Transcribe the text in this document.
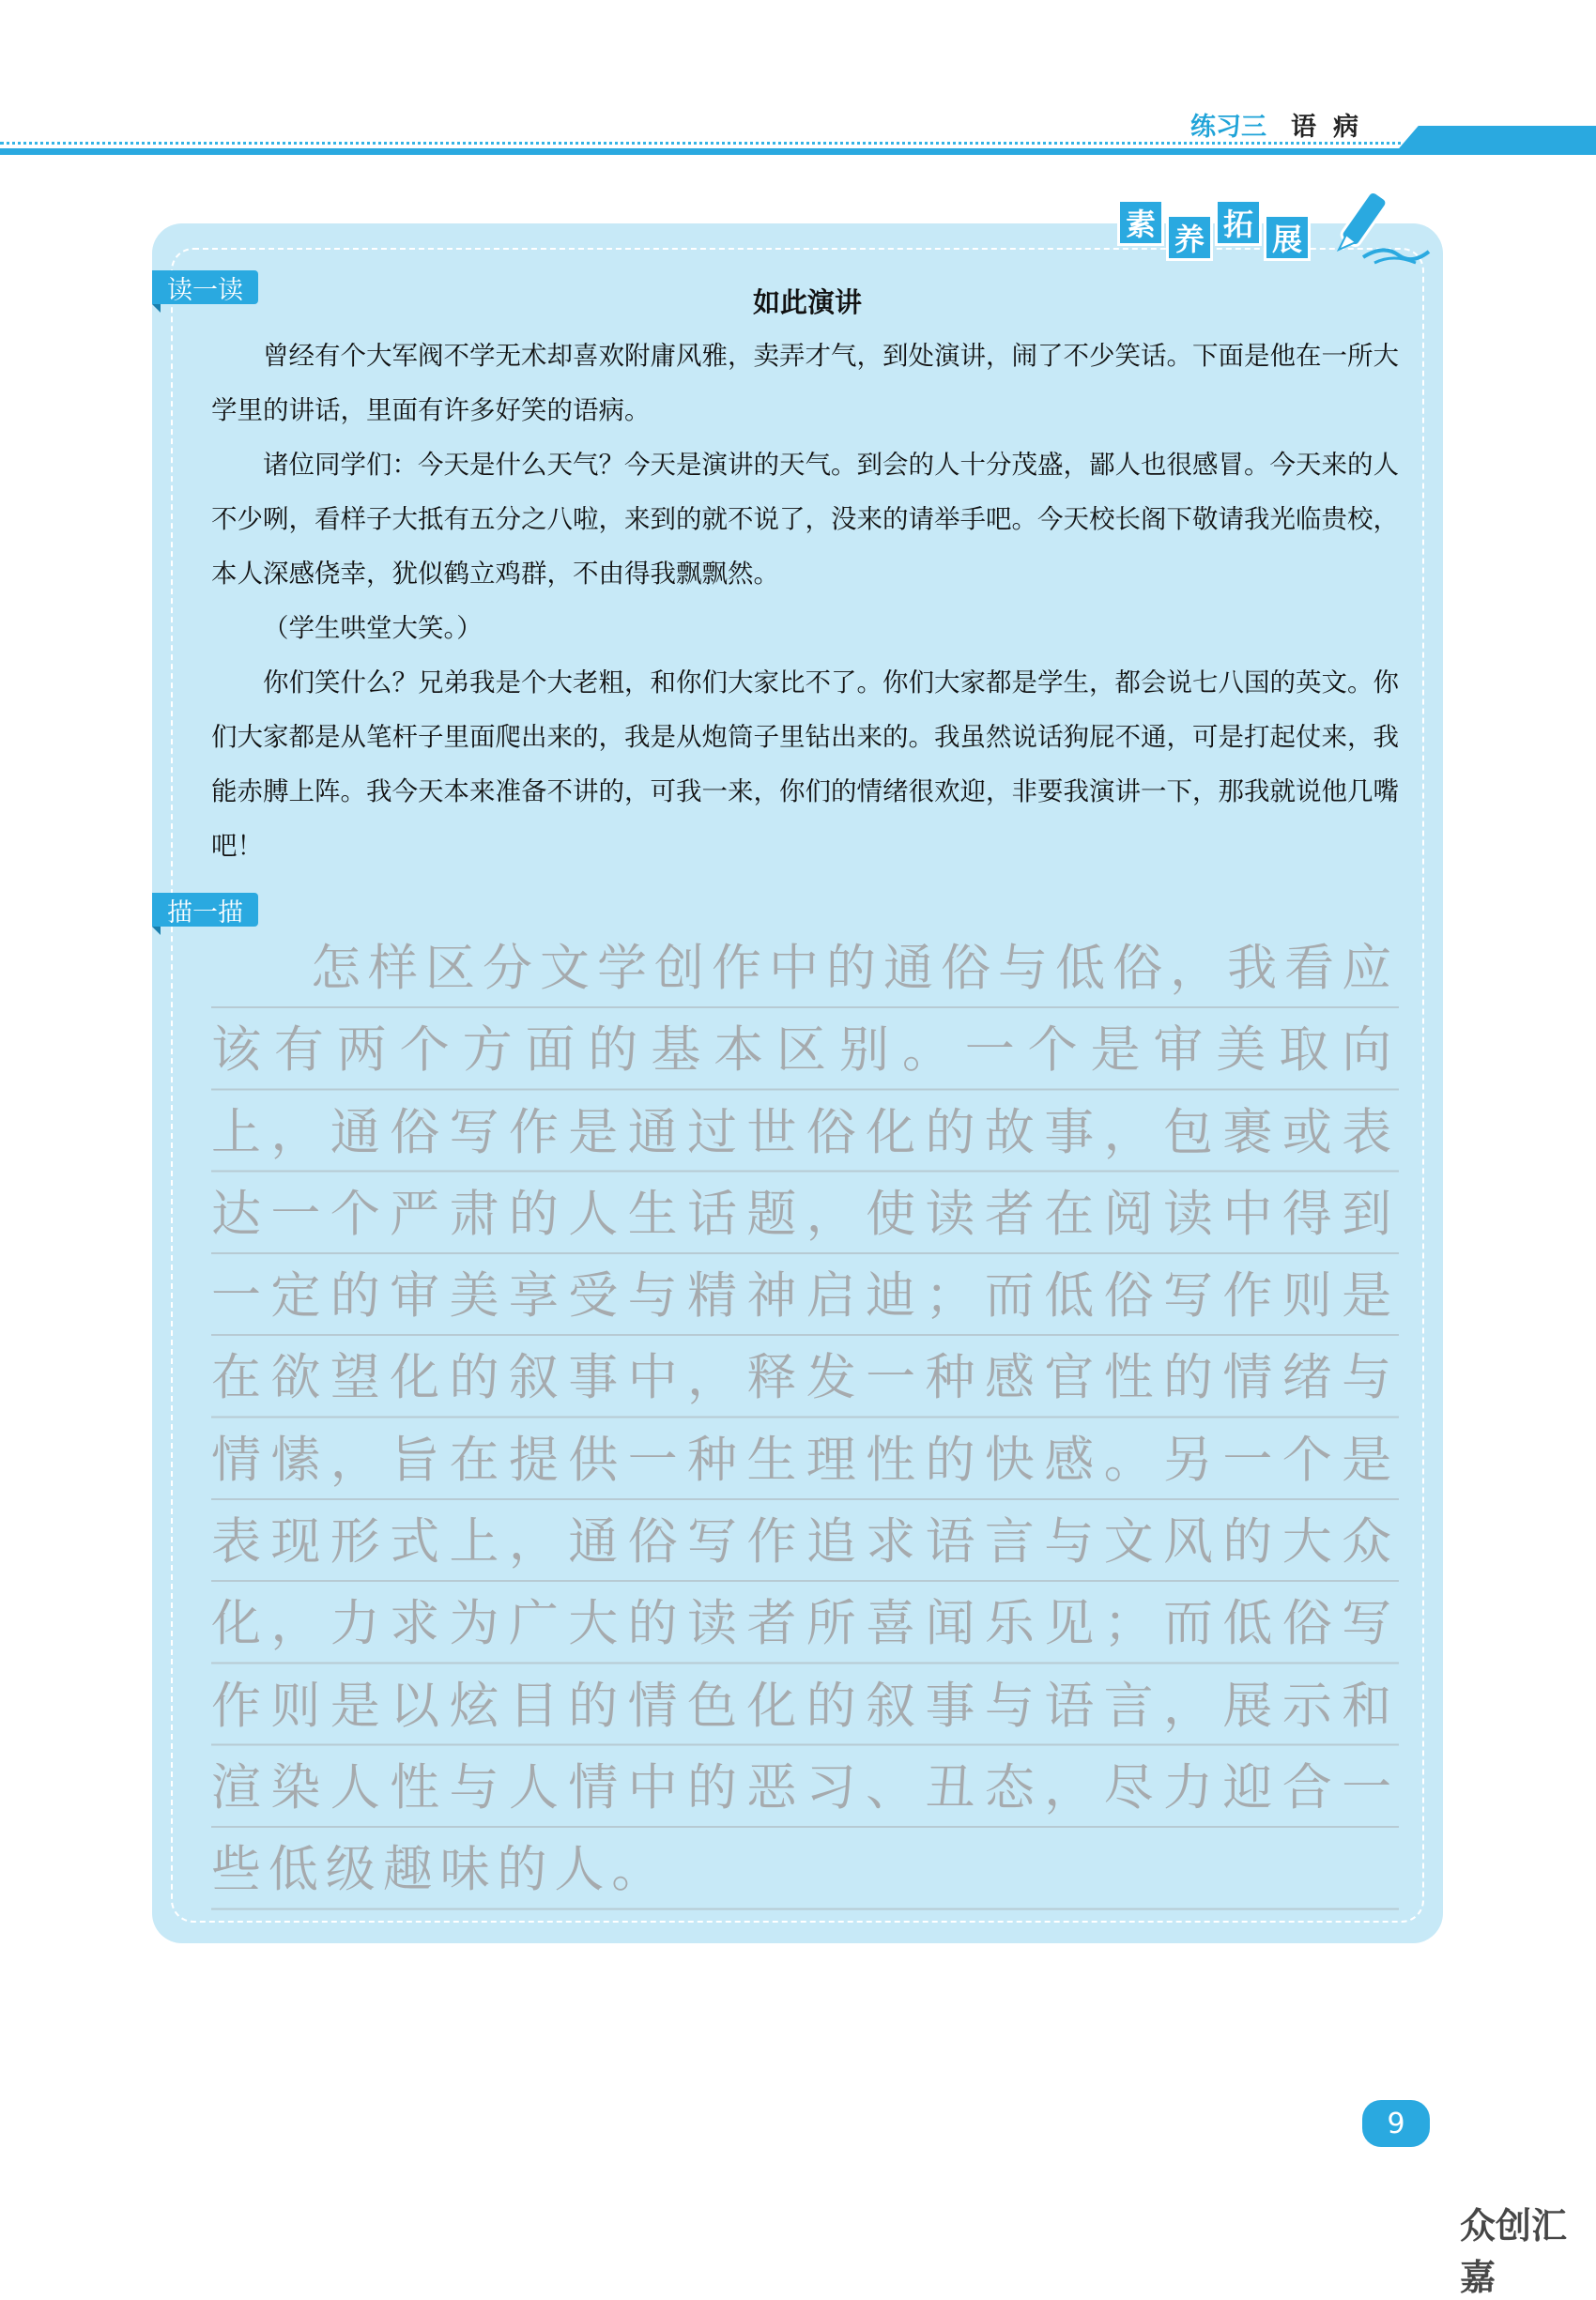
练习三 语病
素 养 拓 展
读一读	如此演讲

曾经有个大军阀不学无术却喜欢附庸风雅，卖弄才气，到处演讲，闹了不少笑话。下面是他在一所大学里的讲话，里面有许多好笑的语病。

诸位同学们：今天是什么天气？今天是演讲的天气。到会的人十分茂盛，鄙人也很感冒。今天来的人不少咧，看样子大抵有五分之八啦，来到的就不说了，没来的请举手吧。今天校长阁下敬请我光临贵校，本人深感侥幸，犹似鹤立鸡群，不由得我飘飘然。

（学生哄堂大笑。）

你们笑什么？兄弟我是个大老粗，和你们大家比不了。你们大家都是学生，都会说七八国的英文。你们大家都是从笔杆子里面爬出来的，我是从炮筒子里钻出来的。我虽然说话狗屁不通，可是打起仗来，我能赤膊上阵。我今天本来准备不讲的，可我一来，你们的情绪很欢迎，非要我演讲一下，那我就说他几嘴吧！

描一描

怎样区分文学创作中的通俗与低俗，我看应该有两个方面的基本区别。一个是审美取向上，通俗写作是通过世俗化的故事，包裹或表达一个严肃的人生话题，使读者在阅读中得到一定的审美享受与精神启迪；而低俗写作则是在欲望化的叙事中，释发一种感官性的情绪与情愫，旨在提供一种生理性的快感。另一个是表现形式上，通俗写作追求语言与文风的大众化，力求为广大的读者所喜闻乐见；而低俗写作则是以炫目的情色化的叙事与语言，展示和渲染人性与人情中的恶习、丑态，尽力迎合一些低级趣味的人。

9
众创汇嘉
